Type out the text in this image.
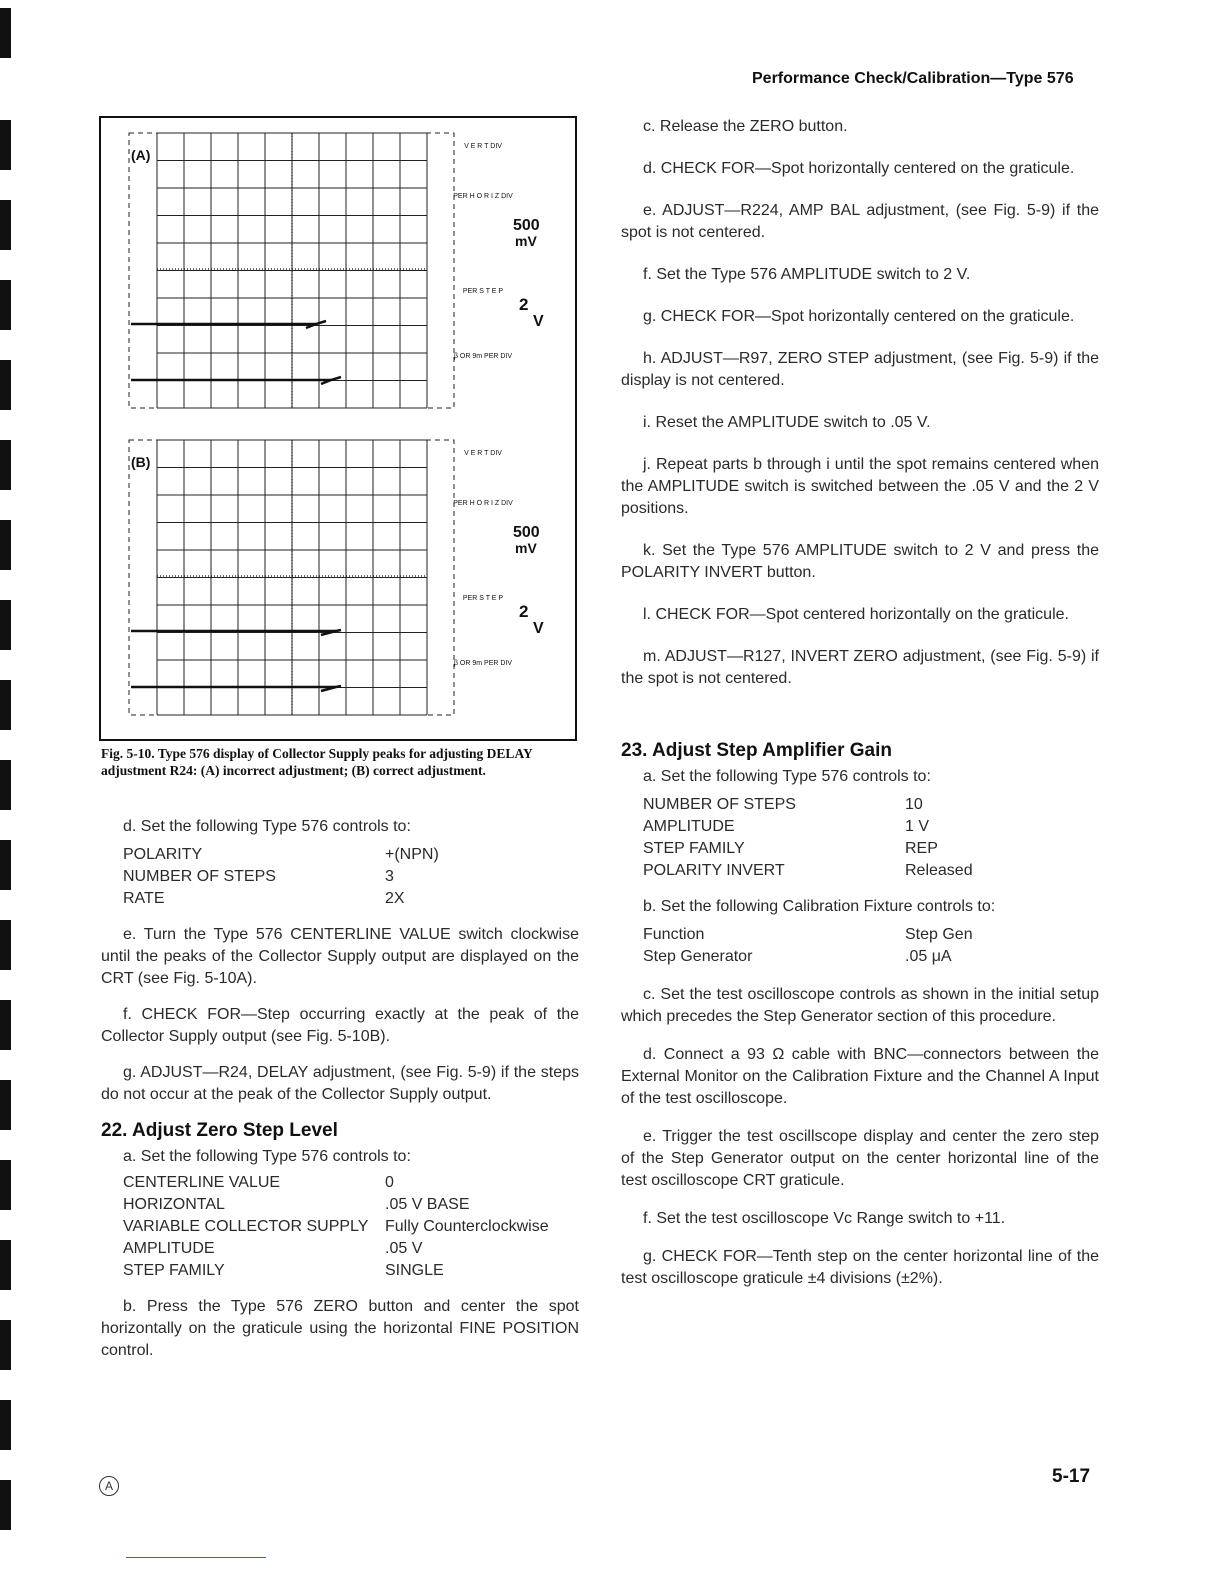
Performance Check/Calibration—Type 576
(A)
V E R T DIV
PER H O R I Z DIV
500
mV
PER S T E P
2
V
β OR 9m PER DIV
(B)
V E R T DIV
PER H O R I Z DIV
500
mV
PER S T E P
2
V
β OR 9m PER DIV
Fig. 5-10. Type 576 display of Collector Supply peaks for adjusting DELAY adjustment R24: (A) incorrect adjustment; (B) correct adjustment.

d. Set the following Type 576 controls to:

POLARITY	+(NPN)
NUMBER OF STEPS	3
RATE	2X

e. Turn the Type 576 CENTERLINE VALUE switch clockwise until the peaks of the Collector Supply output are displayed on the CRT (see Fig. 5-10A).

f. CHECK FOR—Step occurring exactly at the peak of the Collector Supply output (see Fig. 5-10B).

g. ADJUST—R24, DELAY adjustment, (see Fig. 5-9) if the steps do not occur at the peak of the Collector Supply output.

22. Adjust Zero Step Level

a. Set the following Type 576 controls to:

CENTERLINE VALUE	0
HORIZONTAL	.05 V BASE
VARIABLE COLLECTOR SUPPLY	Fully Counterclockwise
AMPLITUDE	.05 V
STEP FAMILY	SINGLE

b. Press the Type 576 ZERO button and center the spot horizontally on the graticule using the horizontal FINE POSITION control.

c. Release the ZERO button.

d. CHECK FOR—Spot horizontally centered on the graticule.

e. ADJUST—R224, AMP BAL adjustment, (see Fig. 5-9) if the spot is not centered.

f. Set the Type 576 AMPLITUDE switch to 2 V.

g. CHECK FOR—Spot horizontally centered on the graticule.

h. ADJUST—R97, ZERO STEP adjustment, (see Fig. 5-9) if the display is not centered.

i. Reset the AMPLITUDE switch to .05 V.

j. Repeat parts b through i until the spot remains centered when the AMPLITUDE switch is switched between the .05 V and the 2 V positions.

k. Set the Type 576 AMPLITUDE switch to 2 V and press the POLARITY INVERT button.

l. CHECK FOR—Spot centered horizontally on the graticule.

m. ADJUST—R127, INVERT ZERO adjustment, (see Fig. 5-9) if the spot is not centered.

23. Adjust Step Amplifier Gain

a. Set the following Type 576 controls to:

NUMBER OF STEPS	10
AMPLITUDE	1 V
STEP FAMILY	REP
POLARITY INVERT	Released

b. Set the following Calibration Fixture controls to:

Function	Step Gen
Step Generator	.05 μA

c. Set the test oscilloscope controls as shown in the initial setup which precedes the Step Generator section of this procedure.

d. Connect a 93 Ω cable with BNC—connectors between the External Monitor on the Calibration Fixture and the Channel A Input of the test oscilloscope.

e. Trigger the test oscillscope display and center the zero step of the Step Generator output on the center horizontal line of the test oscilloscope CRT graticule.

f. Set the test oscilloscope Vc Range switch to +11.

g. CHECK FOR—Tenth step on the center horizontal line of the test oscilloscope graticule ±4 divisions (±2%).

A	5-17
